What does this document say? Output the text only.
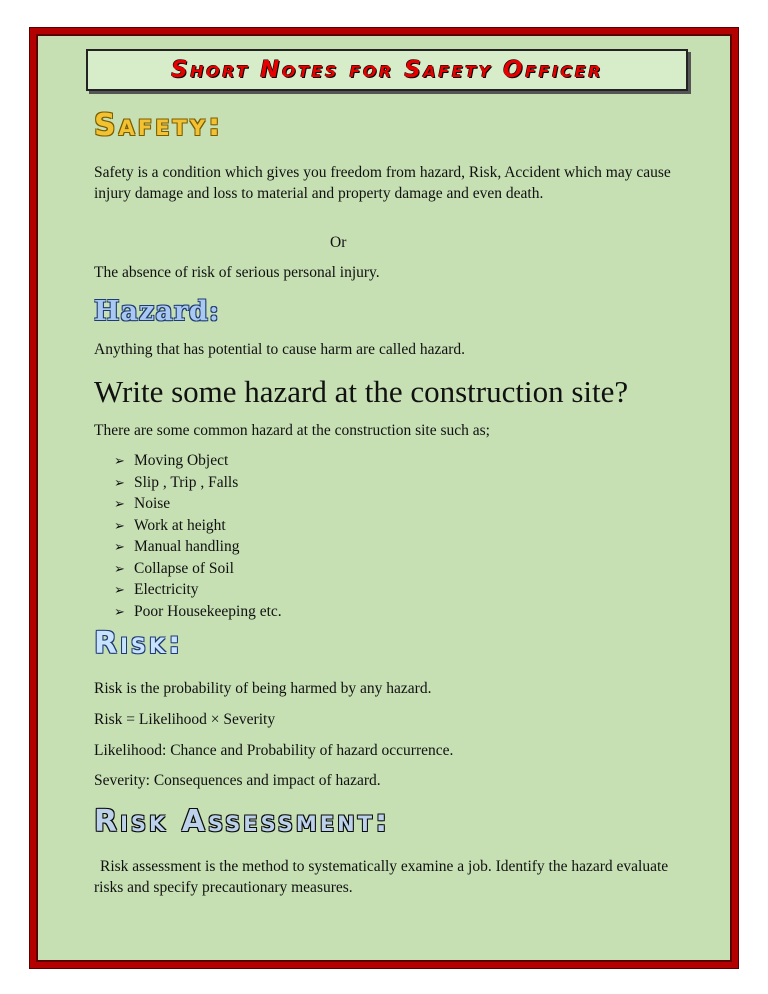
Short Notes for Safety Officer
Safety:
Safety is a condition which gives you freedom from hazard, Risk, Accident which may cause injury damage and loss to material and property damage and even death.
Or
The absence of risk of serious personal injury.
Hazard:
Anything that has potential to cause harm are called hazard.
Write some hazard at the construction site?
There are some common hazard at the construction site such as;
➢ Moving Object
➢ Slip , Trip , Falls
➢ Noise
➢ Work at height
➢ Manual handling
➢ Collapse of Soil
➢ Electricity
➢ Poor Housekeeping etc.
Risk:
Risk is the probability of being harmed by any hazard.
Risk = Likelihood × Severity
Likelihood: Chance and Probability of hazard occurrence.
Severity: Consequences and impact of hazard.
Risk Assessment:
Risk assessment is the method to systematically examine a job. Identify the hazard evaluate risks and specify precautionary measures.
